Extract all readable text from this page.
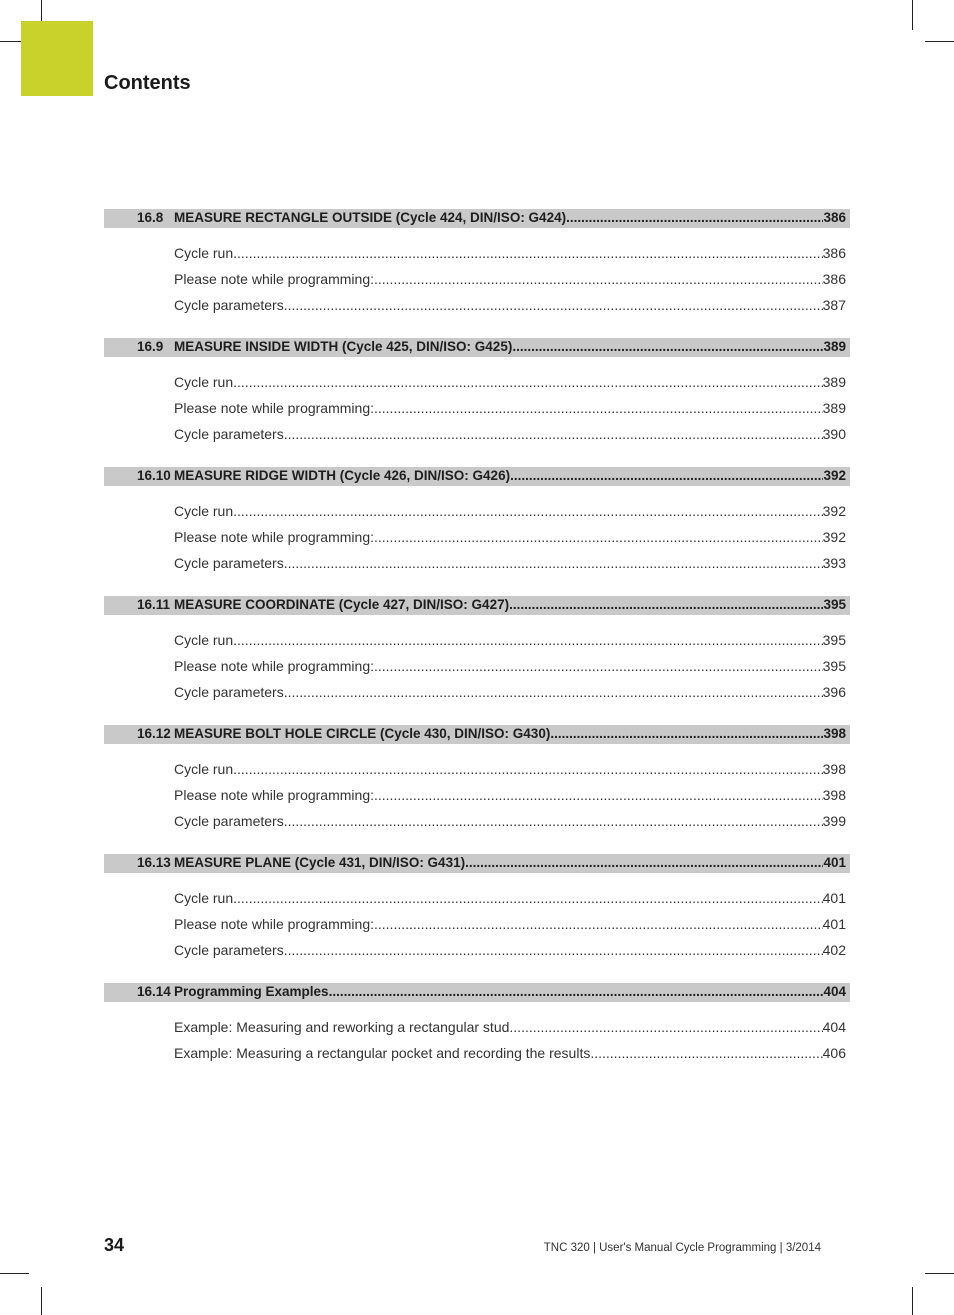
Contents
16.8 MEASURE RECTANGLE OUTSIDE (Cycle 424, DIN/ISO: G424) .....	386
Cycle run .....	386
Please note while programming: .....	386
Cycle parameters .....	387
16.9 MEASURE INSIDE WIDTH (Cycle 425, DIN/ISO: G425) .....	389
Cycle run .....	389
Please note while programming: .....	389
Cycle parameters .....	390
16.10 MEASURE RIDGE WIDTH (Cycle 426, DIN/ISO: G426) .....	392
Cycle run .....	392
Please note while programming: .....	392
Cycle parameters .....	393
16.11 MEASURE COORDINATE (Cycle 427, DIN/ISO: G427) .....	395
Cycle run .....	395
Please note while programming: .....	395
Cycle parameters .....	396
16.12 MEASURE BOLT HOLE CIRCLE (Cycle 430, DIN/ISO: G430) .....	398
Cycle run .....	398
Please note while programming: .....	398
Cycle parameters .....	399
16.13 MEASURE PLANE (Cycle 431, DIN/ISO: G431) .....	401
Cycle run .....	401
Please note while programming: .....	401
Cycle parameters .....	402
16.14 Programming Examples .....	404
Example: Measuring and reworking a rectangular stud .....	404
Example: Measuring a rectangular pocket and recording the results .....	406
34	TNC 320 | User's Manual Cycle Programming | 3/2014
